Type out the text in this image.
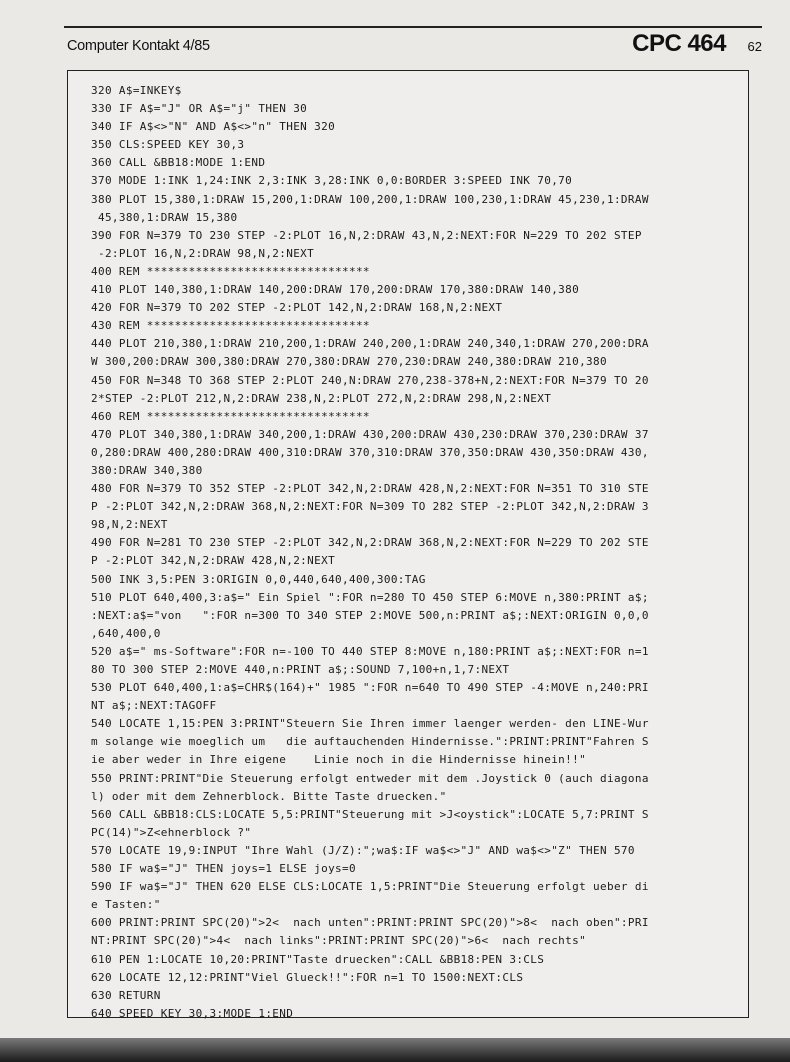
Computer Kontakt 4/85	CPC 464 62
320 A$=INKEY$
330 IF A$="J" OR A$="j" THEN 30
340 IF A$<>"N" AND A$<>"n" THEN 320
350 CLS:SPEED KEY 30,3
360 CALL &BB18:MODE 1:END
370 MODE 1:INK 1,24:INK 2,3:INK 3,28:INK 0,0:BORDER 3:SPEED INK 70,70
380 PLOT 15,380,1:DRAW 15,200,1:DRAW 100,200,1:DRAW 100,230,1:DRAW 45,230,1:DRAW
45,380,1:DRAW 15,380
390 FOR N=379 TO 230 STEP -2:PLOT 16,N,2:DRAW 43,N,2:NEXT:FOR N=229 TO 202 STEP
-2:PLOT 16,N,2:DRAW 98,N,2:NEXT
400 REM ********************************
410 PLOT 140,380,1:DRAW 140,200:DRAW 170,200:DRAW 170,380:DRAW 140,380
420 FOR N=379 TO 202 STEP -2:PLOT 142,N,2:DRAW 168,N,2:NEXT
430 REM ********************************
440 PLOT 210,380,1:DRAW 210,200,1:DRAW 240,200,1:DRAW 240,340,1:DRAW 270,200:DRA
W 300,200:DRAW 300,380:DRAW 270,380:DRAW 270,230:DRAW 240,380:DRAW 210,380
450 FOR N=348 TO 368 STEP 2:PLOT 240,N:DRAW 270,238-378+N,2:NEXT:FOR N=379 TO 20
2*STEP -2:PLOT 212,N,2:DRAW 238,N,2:PLOT 272,N,2:DRAW 298,N,2:NEXT
460 REM ********************************
470 PLOT 340,380,1:DRAW 340,200,1:DRAW 430,200:DRAW 430,230:DRAW 370,230:DRAW 37
0,280:DRAW 400,280:DRAW 400,310:DRAW 370,310:DRAW 370,350:DRAW 430,350:DRAW 430,
380:DRAW 340,380
480 FOR N=379 TO 352 STEP -2:PLOT 342,N,2:DRAW 428,N,2:NEXT:FOR N=351 TO 310 STE
P -2:PLOT 342,N,2:DRAW 368,N,2:NEXT:FOR N=309 TO 282 STEP -2:PLOT 342,N,2:DRAW 3
98,N,2:NEXT
490 FOR N=281 TO 230 STEP -2:PLOT 342,N,2:DRAW 368,N,2:NEXT:FOR N=229 TO 202 STE
P -2:PLOT 342,N,2:DRAW 428,N,2:NEXT
500 INK 3,5:PEN 3:ORIGIN 0,0,440,640,400,300:TAG
510 PLOT 640,400,3:a$=" Ein Spiel ":FOR n=280 TO 450 STEP 6:MOVE n,380:PRINT a$;
:NEXT:a$="von   ":FOR n=300 TO 340 STEP 2:MOVE 500,n:PRINT a$;:NEXT:ORIGIN 0,0,0
,640,400,0
520 a$=" ms-Software":FOR n=-100 TO 440 STEP 8:MOVE n,180:PRINT a$;:NEXT:FOR n=1
80 TO 300 STEP 2:MOVE 440,n:PRINT a$;:SOUND 7,100+n,1,7:NEXT
530 PLOT 640,400,1:a$=CHR$(164)+" 1985 ":FOR n=640 TO 490 STEP -4:MOVE n,240:PRI
NT a$;:NEXT:TAGOFF
540 LOCATE 1,15:PEN 3:PRINT"Steuern Sie Ihren immer laenger werden- den LINE-Wur
m solange wie moeglich um   die auftauchenden Hindernisse.":PRINT:PRINT"Fahren S
ie aber weder in Ihre eigene    Linie noch in die Hindernisse hinein!!"
550 PRINT:PRINT"Die Steuerung erfolgt entweder mit dem .Joystick 0 (auch diagona
l) oder mit dem Zehnerblock. Bitte Taste druecken."
560 CALL &BB18:CLS:LOCATE 5,5:PRINT"Steuerung mit >J<oystick":LOCATE 5,7:PRINT S
PC(14)">Z<ehnerblock ?"
570 LOCATE 19,9:INPUT "Ihre Wahl (J/Z):";wa$:IF wa$<>"J" AND wa$<>"Z" THEN 570
580 IF wa$="J" THEN joys=1 ELSE joys=0
590 IF wa$="J" THEN 620 ELSE CLS:LOCATE 1,5:PRINT"Die Steuerung erfolgt ueber di
e Tasten:"
600 PRINT:PRINT SPC(20)">2<  nach unten":PRINT:PRINT SPC(20)">8<  nach oben":PRI
NT:PRINT SPC(20)">4<  nach links":PRINT:PRINT SPC(20)">6<  nach rechts"
610 PEN 1:LOCATE 10,20:PRINT"Taste druecken":CALL &BB18:PEN 3:CLS
620 LOCATE 12,12:PRINT"Viel Glueck!!":FOR n=1 TO 1500:NEXT:CLS
630 RETURN
640 SPEED KEY 30,3:MODE 1:END
